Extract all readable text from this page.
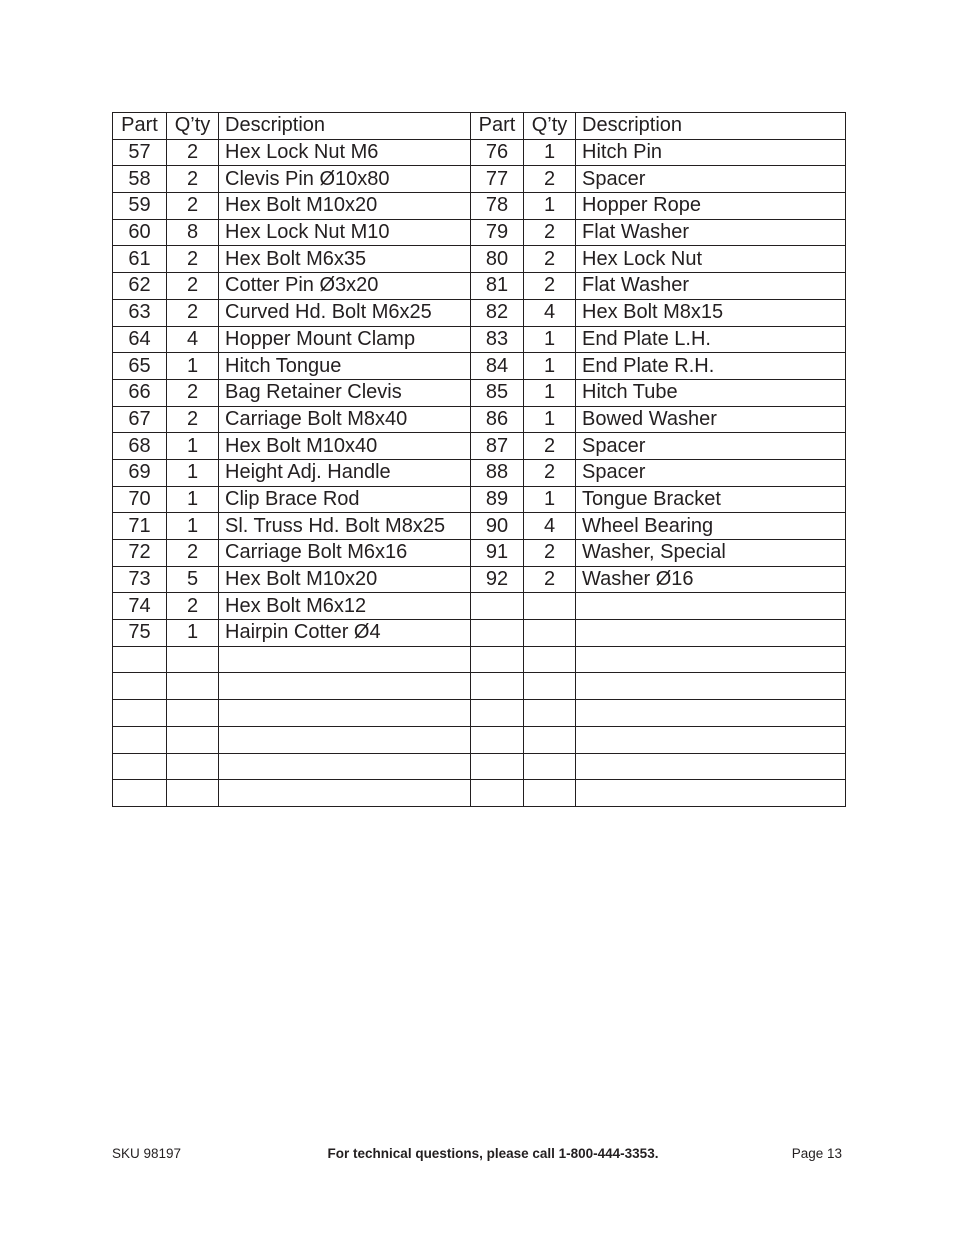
Part	Q’ty	Description	Part	Q’ty	Description
57	2	Hex Lock Nut M6	76	1	Hitch Pin
58	2	Clevis Pin Ø10x80	77	2	Spacer
59	2	Hex Bolt M10x20	78	1	Hopper Rope
60	8	Hex Lock Nut M10	79	2	Flat Washer
61	2	Hex Bolt M6x35	80	2	Hex Lock Nut
62	2	Cotter Pin Ø3x20	81	2	Flat Washer
63	2	Curved Hd. Bolt M6x25	82	4	Hex Bolt M8x15
64	4	Hopper Mount Clamp	83	1	End Plate L.H.
65	1	Hitch Tongue	84	1	End Plate R.H.
66	2	Bag Retainer Clevis	85	1	Hitch Tube
67	2	Carriage Bolt M8x40	86	1	Bowed Washer
68	1	Hex Bolt M10x40	87	2	Spacer
69	1	Height Adj. Handle	88	2	Spacer
70	1	Clip Brace Rod	89	1	Tongue Bracket
71	1	Sl. Truss Hd. Bolt M8x25	90	4	Wheel Bearing
72	2	Carriage Bolt M6x16	91	2	Washer, Special
73	5	Hex Bolt M10x20	92	2	Washer Ø16
74	2	Hex Bolt M6x12			
75	1	Hairpin Cotter Ø4			

SKU 98197	For technical questions, please call 1-800-444-3353.	Page 13
